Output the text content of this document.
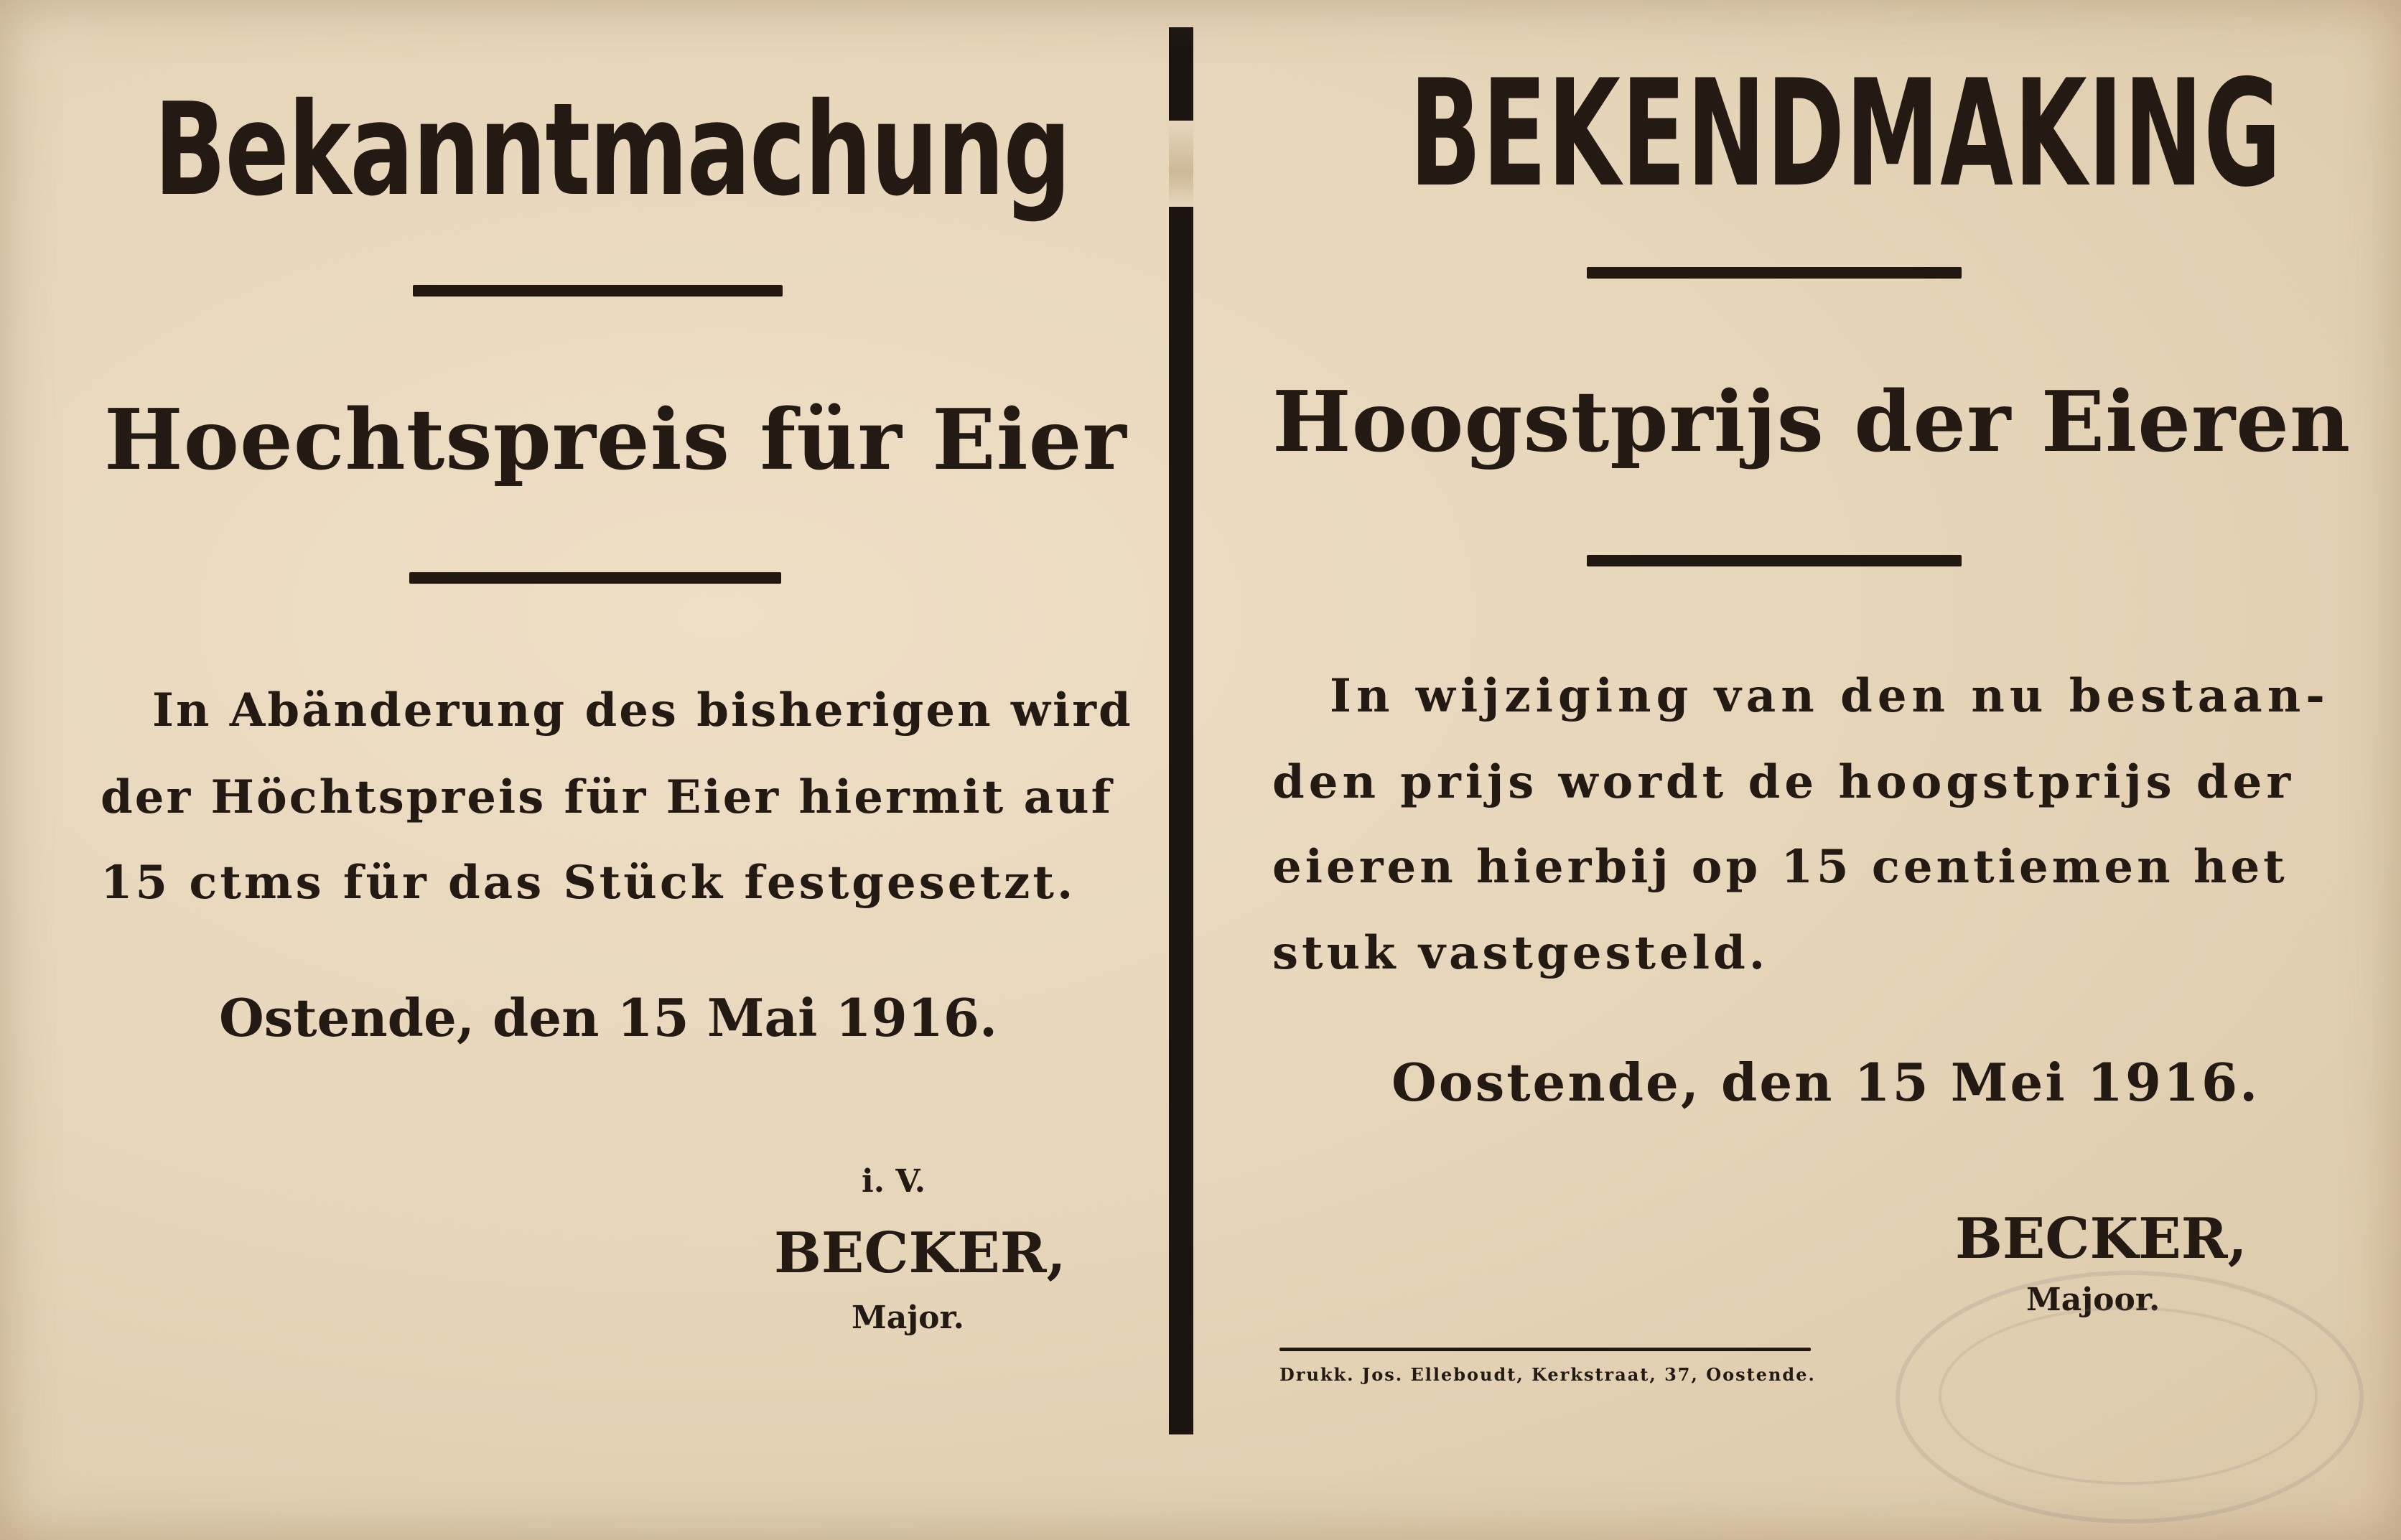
Bekanntmachung
Hoechtspreis für Eier
In Abänderung des bisherigen wird
der Höchtspreis für Eier hiermit auf
15 ctms für das Stück festgesetzt.
Ostende, den 15 Mai 1916.
i. V.
BECKER,
Major.
BEKENDMAKING
Hoogstprijs der Eieren
In wijziging van den nu bestaan-
den prijs wordt de hoogstprijs der
eieren hierbij op 15 centiemen het
stuk vastgesteld.
Oostende, den 15 Mei 1916.
BECKER,
Majoor.
Drukk. Jos. Elleboudt, Kerkstraat, 37, Oostende.
